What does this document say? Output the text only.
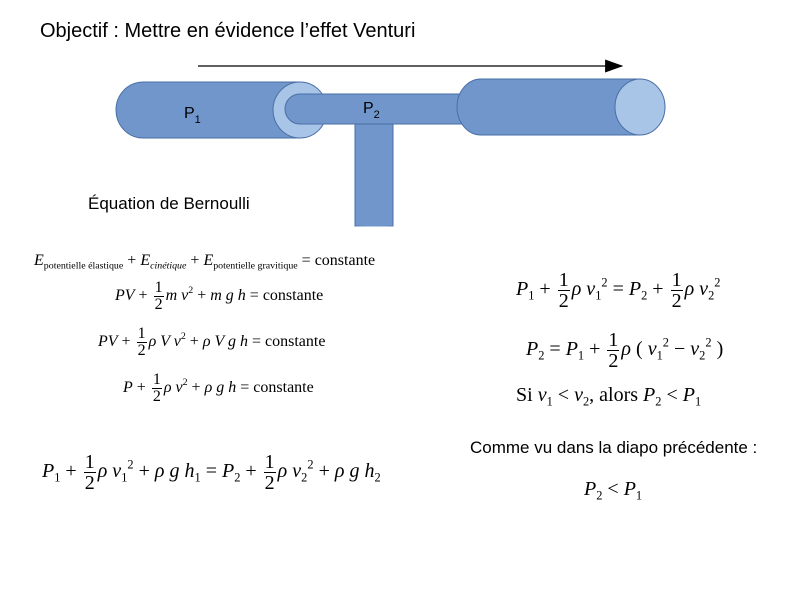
Objectif : Mettre en évidence l’effet Venturi
$P_1$
$P_2$
Équation de Bernoulli
$E_{potentielle élastique} + E_{cinétique} + E_{potentielle gravitique}$ = constante
PV + $\frac{1}{2}$ m $v^2 + m$ g h = constante
PV + $\frac{1}{2}$ ρ V $v^2 + \rho$ V g h = constante
$P + \frac{1}{2}$ ρ $v^2 + \rho$ g h = constante
$P_1 + \frac{1}{2}$ ρ $v_1^2 + \rho$ g $h_1 = P_2 + \frac{1}{2}$ ρ $v_2^2 + \rho$ g $h_2$
$P_1 + \frac{1}{2}$ ρ $v_1^2 = P_2 + \frac{1}{2}$ ρ $v_2^2$
$P_2 = P_1 + \frac{1}{2}$ ρ ( $v_1^2 - v_2^2$ )
Si $v_1 < v_2$, alors $P_2 < P_1$
Comme vu dans la diapo précédente :
$P_2 < P_1$
